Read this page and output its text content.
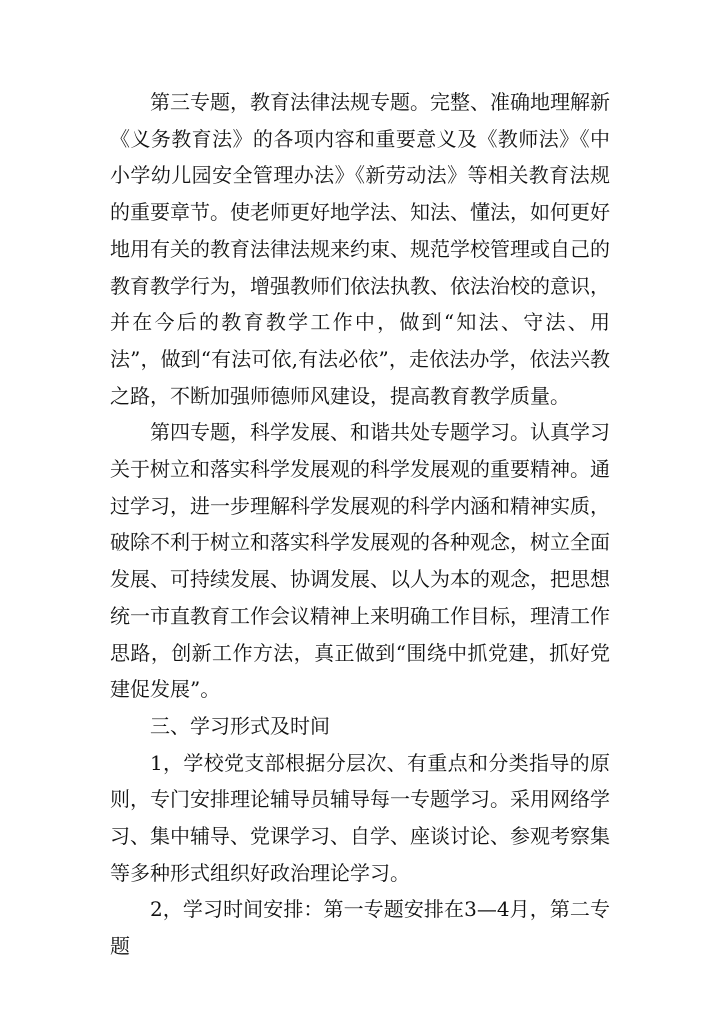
第三专题，教育法律法规专题。完整、准确地理解新《义务教育法》的各项内容和重要意义及《教师法》《中小学幼儿园安全管理办法》《新劳动法》等相关教育法规的重要章节。使老师更好地学法、知法、懂法，如何更好地用有关的教育法律法规来约束、规范学校管理或自己的教育教学行为，增强教师们依法执教、依法治校的意识，并在今后的教育教学工作中，做到“知法、守法、用法”，做到“有法可依,有法必依”，走依法办学，依法兴教之路，不断加强师德师风建设，提高教育教学质量。

第四专题，科学发展、和谐共处专题学习。认真学习关于树立和落实科学发展观的科学发展观的重要精神。通过学习，进一步理解科学发展观的科学内涵和精神实质，破除不利于树立和落实科学发展观的各种观念，树立全面发展、可持续发展、协调发展、以人为本的观念，把思想统一市直教育工作会议精神上来明确工作目标，理清工作思路，创新工作方法，真正做到“围绕中抓党建，抓好党建促发展”。

三、学习形式及时间

1，学校党支部根据分层次、有重点和分类指导的原则，专门安排理论辅导员辅导每一专题学习。采用网络学习、集中辅导、党课学习、自学、座谈讨论、参观考察集等多种形式组织好政治理论学习。

2，学习时间安排：第一专题安排在3—4月，第二专题
